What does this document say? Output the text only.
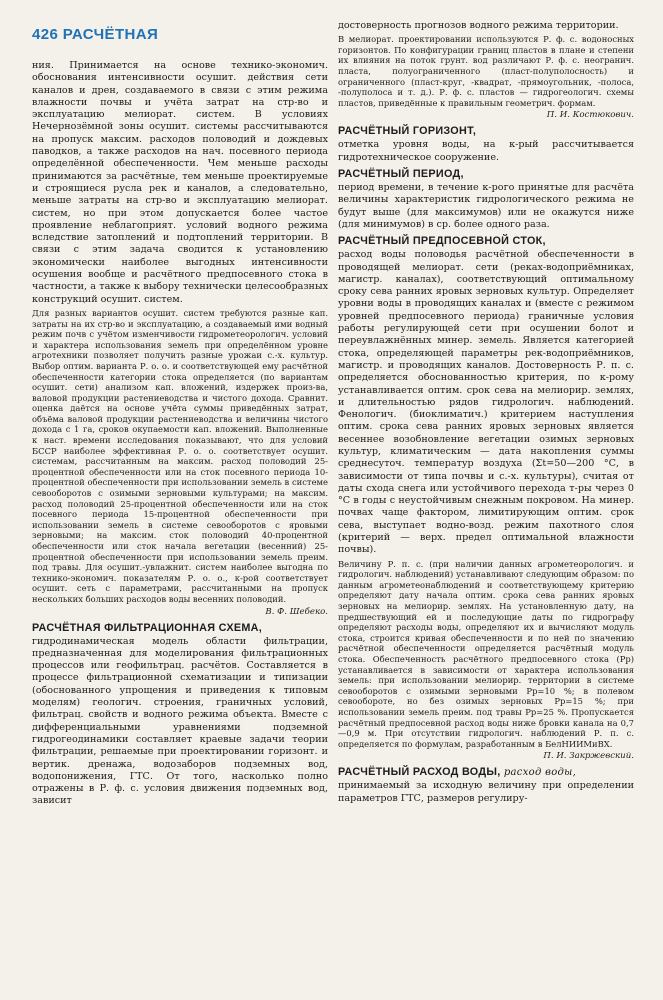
426 РАСЧЁТНАЯ

ния. Принимается на основе технико-экономич. обоснования интенсивности осушит. действия сети каналов и дрен, создаваемого в связи с этим режима влажности почвы и учёта затрат на стр-во и эксплуатацию мелиорат. систем. В условиях Нечернозёмной зоны осушит. системы рассчитываются на пропуск максим. расходов половодий и дождевых паводков, а также расходов на нач. посевного периода определённой обеспеченности. Чем меньше расходы принимаются за расчётные, тем меньше проектируемые и строящиеся русла рек и каналов, а следовательно, меньше затраты на стр-во и эксплуатацию мелиорат. систем, но при этом допускается более частое проявление неблагоприят. условий водного режима вследствие затоплений и подтоплений территории. В связи с этим задача сводится к установлению экономически наиболее выгодных интенсивности осушения вообще и расчётного предпосевного стока в частности, а также к выбору технически целесообразных конструкций осушит. систем.

Для разных вариантов осушит. систем требуются разные кап. затраты на их стр-во и эксплуатацию, а создаваемый ими водный режим почв с учётом изменчивости гидрометеорологич. условий и характера использования земель при определённом уровне агротехники позволяет получить разные урожаи с.-х. культур. Выбор оптим. варианта Р. о. о. и соответствующей ему расчётной обеспеченности категории стока определяется (по вариантам осушит. сети) анализом кап. вложений, издержек произ-ва, валовой продукции растениеводства и чистого дохода. Сравнит. оценка даётся на основе учёта суммы приведённых затрат, объёма валовой продукции растениеводства и величины чистого дохода с 1 га, сроков окупаемости кап. вложений. Выполненные к наст. времени исследования показывают, что для условий БССР наиболее эффективная Р. о. о. соответствует осушит. системам, рассчитанным на максим. расход половодий 25-процентной обеспеченности или на сток посевного периода 10-процентной обеспеченности при использовании земель в системе севооборотов с озимыми зерновыми культурами; на максим. расход половодий 25-процентной обеспеченности или на сток посевного периода 15-процентной обеспеченности при использовании земель в системе севооборотов с яровыми зерновыми; на максим. сток половодий 40-процентной обеспеченности или сток начала вегетации (весенний) 25-процентной обеспеченности при использовании земель преим. под травы. Для осушит.-увлажнит. систем наиболее выгодна по технико-экономич. показателям Р. о. о., к-рой соответствует осушит. сеть с параметрами, рассчитанными на пропуск нескольких больших расходов воды весенних половодий.

В. Ф. Шебеко.

РАСЧЁТНАЯ ФИЛЬТРАЦИОННАЯ СХЕМА,

гидродинамическая модель области фильтрации, предназначенная для моделирования фильтрационных процессов или геофильтрац. расчётов. Составляется в процессе фильтрационной схематизации и типизации (обоснованного упрощения и приведения к типовым моделям) геологич. строения, граничных условий, фильтрац. свойств и водного режима объекта. Вместе с дифференциальными уравнениями подземной гидрогеодинамики составляет краевые задачи теории фильтрации, решаемые при проектировании горизонт. и вертик. дренажа, водозаборов подземных вод, водопонижения, ГТС. От того, насколько полно отражены в Р. ф. с. условия движения подземных вод, зависит

достоверность прогнозов водного режима территории.

В мелиорат. проектировании используются Р. ф. с. водоносных горизонтов. По конфигурации границ пластов в плане и степени их влияния на поток грунт. вод различают Р. ф. с. неогранич. пласта, полуограниченного (пласт-полуполосность) и ограниченного (пласт-круг, -квадрат, -прямоугольник, -полоса, -полуполоса и т. д.). Р. ф. с. пластов — гидрогеологич. схемы пластов, приведённые к правильным геометрич. формам.

П. И. Костюкович.

РАСЧЁТНЫЙ ГОРИЗОНТ,

отметка уровня воды, на к-рый рассчитывается гидротехническое сооружение.

РАСЧЁТНЫЙ ПЕРИОД,

период времени, в течение к-рого принятые для расчёта величины характеристик гидрологического режима не будут выше (для максимумов) или не окажутся ниже (для минимумов) в ср. более одного раза.

РАСЧЁТНЫЙ ПРЕДПОСЕВНОЙ СТОК,

расход воды половодья расчётной обеспеченности в проводящей мелиорат. сети (реках-водоприёмниках, магистр. каналах), соответствующий оптимальному сроку сева ранних яровых зерновых культур. Определяет уровни воды в проводящих каналах и (вместе с режимом уровней предпосевного периода) граничные условия работы регулирующей сети при осушении болот и переувлажнённых минер. земель. Является категорией стока, определяющей параметры рек-водоприёмников, магистр. и проводящих каналов. Достоверность Р. п. с. определяется обоснованностью критерия, по к-рому устанавливается оптим. срок сева на мелиорир. землях, и длительностью рядов гидрологич. наблюдений. Фенологич. (биоклиматич.) критерием наступления оптим. срока сева ранних яровых зерновых является весеннее возобновление вегетации озимых зерновых культур, климатическим — дата накопления суммы среднесуточ. температур воздуха (Σt=50—200 °С, в зависимости от типа почвы и с.-х. культуры), считая от даты схода снега или устойчивого перехода т-ры через 0 °С в годы с неустойчивым снежным покровом. На минер. почвах чаще фактором, лимитирующим оптим. срок сева, выступает водно-возд. режим пахотного слоя (критерий — верх. предел оптимальной влажности почвы).

Величину Р. п. с. (при наличии данных агрометеорологич. и гидрологич. наблюдений) устанавливают следующим образом: по данным агрометеонаблюдений и соответствующему критерию определяют дату начала оптим. срока сева ранних яровых зерновых на мелиорир. землях. На установленную дату, на предшествующий ей и последующие даты по гидрографу определяют расходы воды, определяют их и вычисляют модуль стока, строится кривая обеспеченности и по ней по значению расчётной обеспеченности определяется расчётный модуль стока. Обеспеченность расчётного предпосевного стока (Pр) устанавливается в зависимости от характера использования земель: при использовании мелиорир. территории в системе севооборотов с озимыми зерновыми Pр=10 %; в полевом севообороте, но без озимых зерновых Pр=15 %; при использовании земель преим. под травы Pр=25 %. Пропускается расчётный предпосевной расход воды ниже бровки канала на 0,7—0,9 м. При отсутствии гидрологич. наблюдений Р. п. с. определяется по формулам, разработанным в БелНИИМиВХ.

П. И. Закржевский.

РАСЧЁТНЫЙ РАСХОД ВОДЫ, расход воды,

принимаемый за исходную величину при определении параметров ГТС, размеров регулиру-
